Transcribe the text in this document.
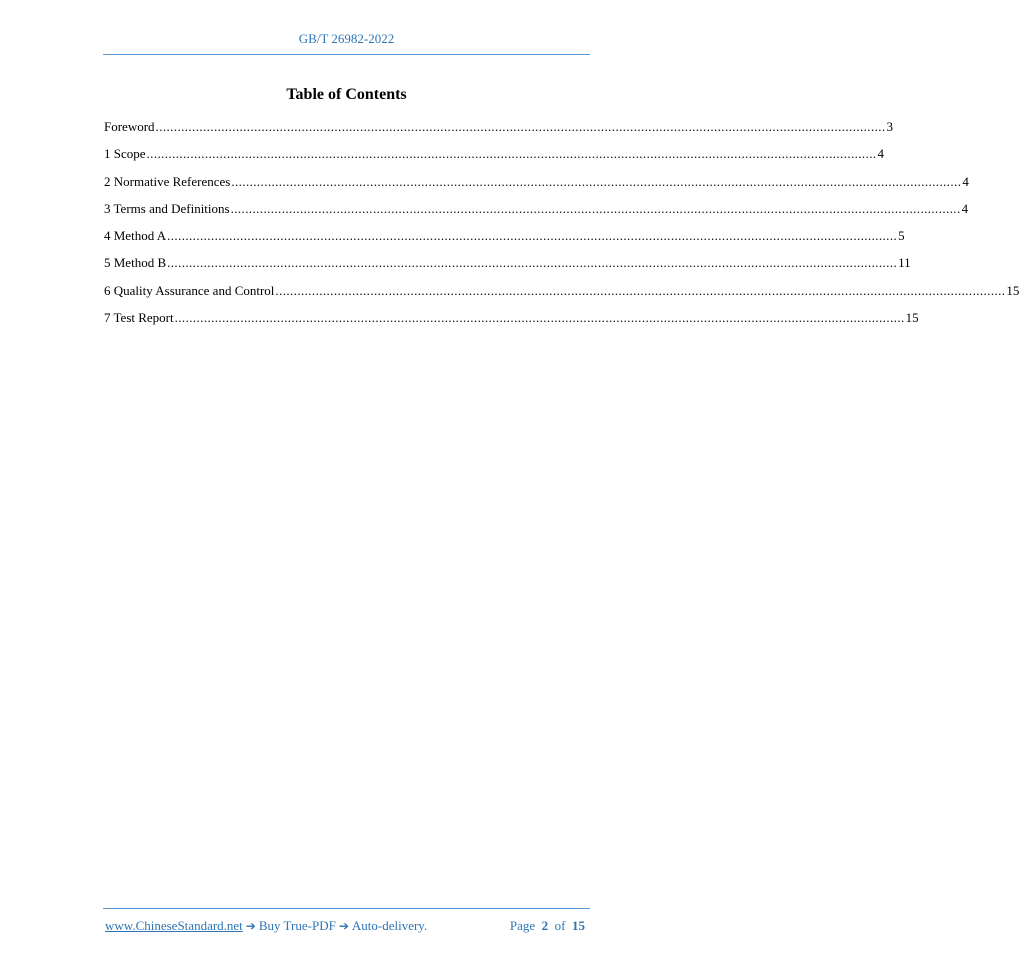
GB/T 26982-2022
Table of Contents
Foreword ........................................................................................................................................................................................................ 3
1 Scope ........................................................................................................................................................................................................ 4
2 Normative References ........................................................................................................................................................................................................ 4
3 Terms and Definitions ........................................................................................................................................................................................................ 4
4 Method A ........................................................................................................................................................................................................ 5
5 Method B ........................................................................................................................................................................................................ 11
6 Quality Assurance and Control ........................................................................................................................................................................................................ 15
7 Test Report ........................................................................................................................................................................................................ 15
www.ChineseStandard.net ➔ Buy True-PDF ➔ Auto-delivery.	Page 2 of 15
